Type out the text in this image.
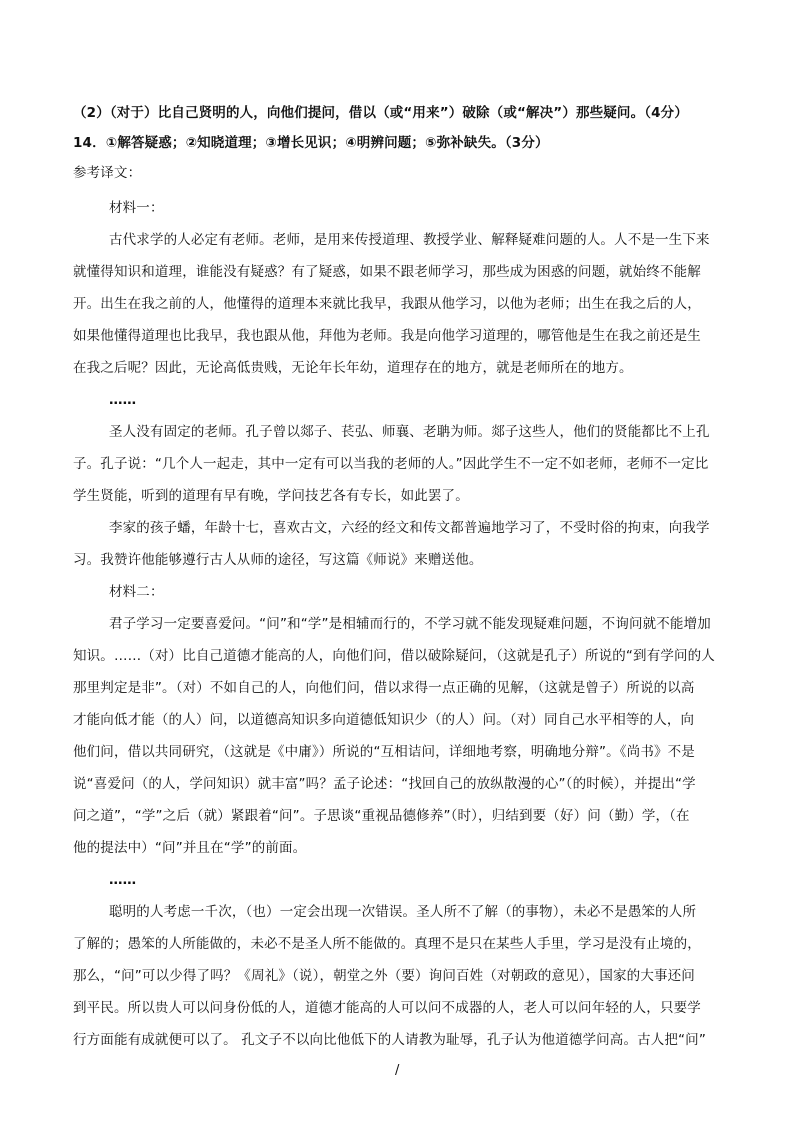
（2）（对于）比自己贤明的人，向他们提问，借以（或“用来”）破除（或“解决”）那些疑问。（4分）
14．①解答疑惑；②知晓道理；③增长见识；④明辨问题；⑤弥补缺失。（3分）
参考译文：
材料一：
古代求学的人必定有老师。老师，是用来传授道理、教授学业、解释疑难问题的人。人不是一生下来
就懂得知识和道理，谁能没有疑惑？有了疑惑，如果不跟老师学习，那些成为困惑的问题，就始终不能解
开。出生在我之前的人，他懂得的道理本来就比我早，我跟从他学习，以他为老师；出生在我之后的人，
如果他懂得道理也比我早，我也跟从他，拜他为老师。我是向他学习道理的，哪管他是生在我之前还是生
在我之后呢？因此，无论高低贵贱，无论年长年幼，道理存在的地方，就是老师所在的地方。
……
圣人没有固定的老师。孔子曾以郯子、苌弘、师襄、老聃为师。郯子这些人，他们的贤能都比不上孔
子。孔子说：“几个人一起走，其中一定有可以当我的老师的人。”因此学生不一定不如老师，老师不一定比
学生贤能，听到的道理有早有晚，学问技艺各有专长，如此罢了。
李家的孩子蟠，年龄十七，喜欢古文，六经的经文和传文都普遍地学习了，不受时俗的拘束，向我学
习。我赞许他能够遵行古人从师的途径，写这篇《师说》来赠送他。
材料二：
君子学习一定要喜爱问。“问”和“学”是相辅而行的，不学习就不能发现疑难问题，不询问就不能增加
知识。……（对）比自己道德才能高的人，向他们问，借以破除疑问，（这就是孔子）所说的“到有学问的人
那里判定是非”。（对）不如自己的人，向他们问，借以求得一点正确的见解，（这就是曾子）所说的以高
才能向低才能（的人）问，以道德高知识多向道德低知识少（的人）问。（对）同自己水平相等的人，向
他们问，借以共同研究，（这就是《中庸》）所说的“互相诘问，详细地考察，明确地分辩”。《尚书》不是
说“喜爱问（的人，学问知识）就丰富”吗？孟子论述：“找回自己的放纵散漫的心”（的时候），并提出“学
问之道”，“学”之后（就）紧跟着“问”。子思谈“重视品德修养”（时），归结到要（好）问（勤）学，（在
他的提法中）“问”并且在“学”的前面。
……
聪明的人考虑一千次，（也）一定会出现一次错误。圣人所不了解（的事物），未必不是愚笨的人所
了解的；愚笨的人所能做的，未必不是圣人所不能做的。真理不是只在某些人手里，学习是没有止境的，
那么，“问”可以少得了吗？《周礼》（说），朝堂之外（要）询问百姓（对朝政的意见），国家的大事还问
到平民。所以贵人可以问身份低的人，道德才能高的人可以问不成器的人，老人可以问年轻的人，只要学
行方面能有成就便可以了。 孔文子不以向比他低下的人请教为耻辱，孔子认为他道德学问高。古人把“问”
/
